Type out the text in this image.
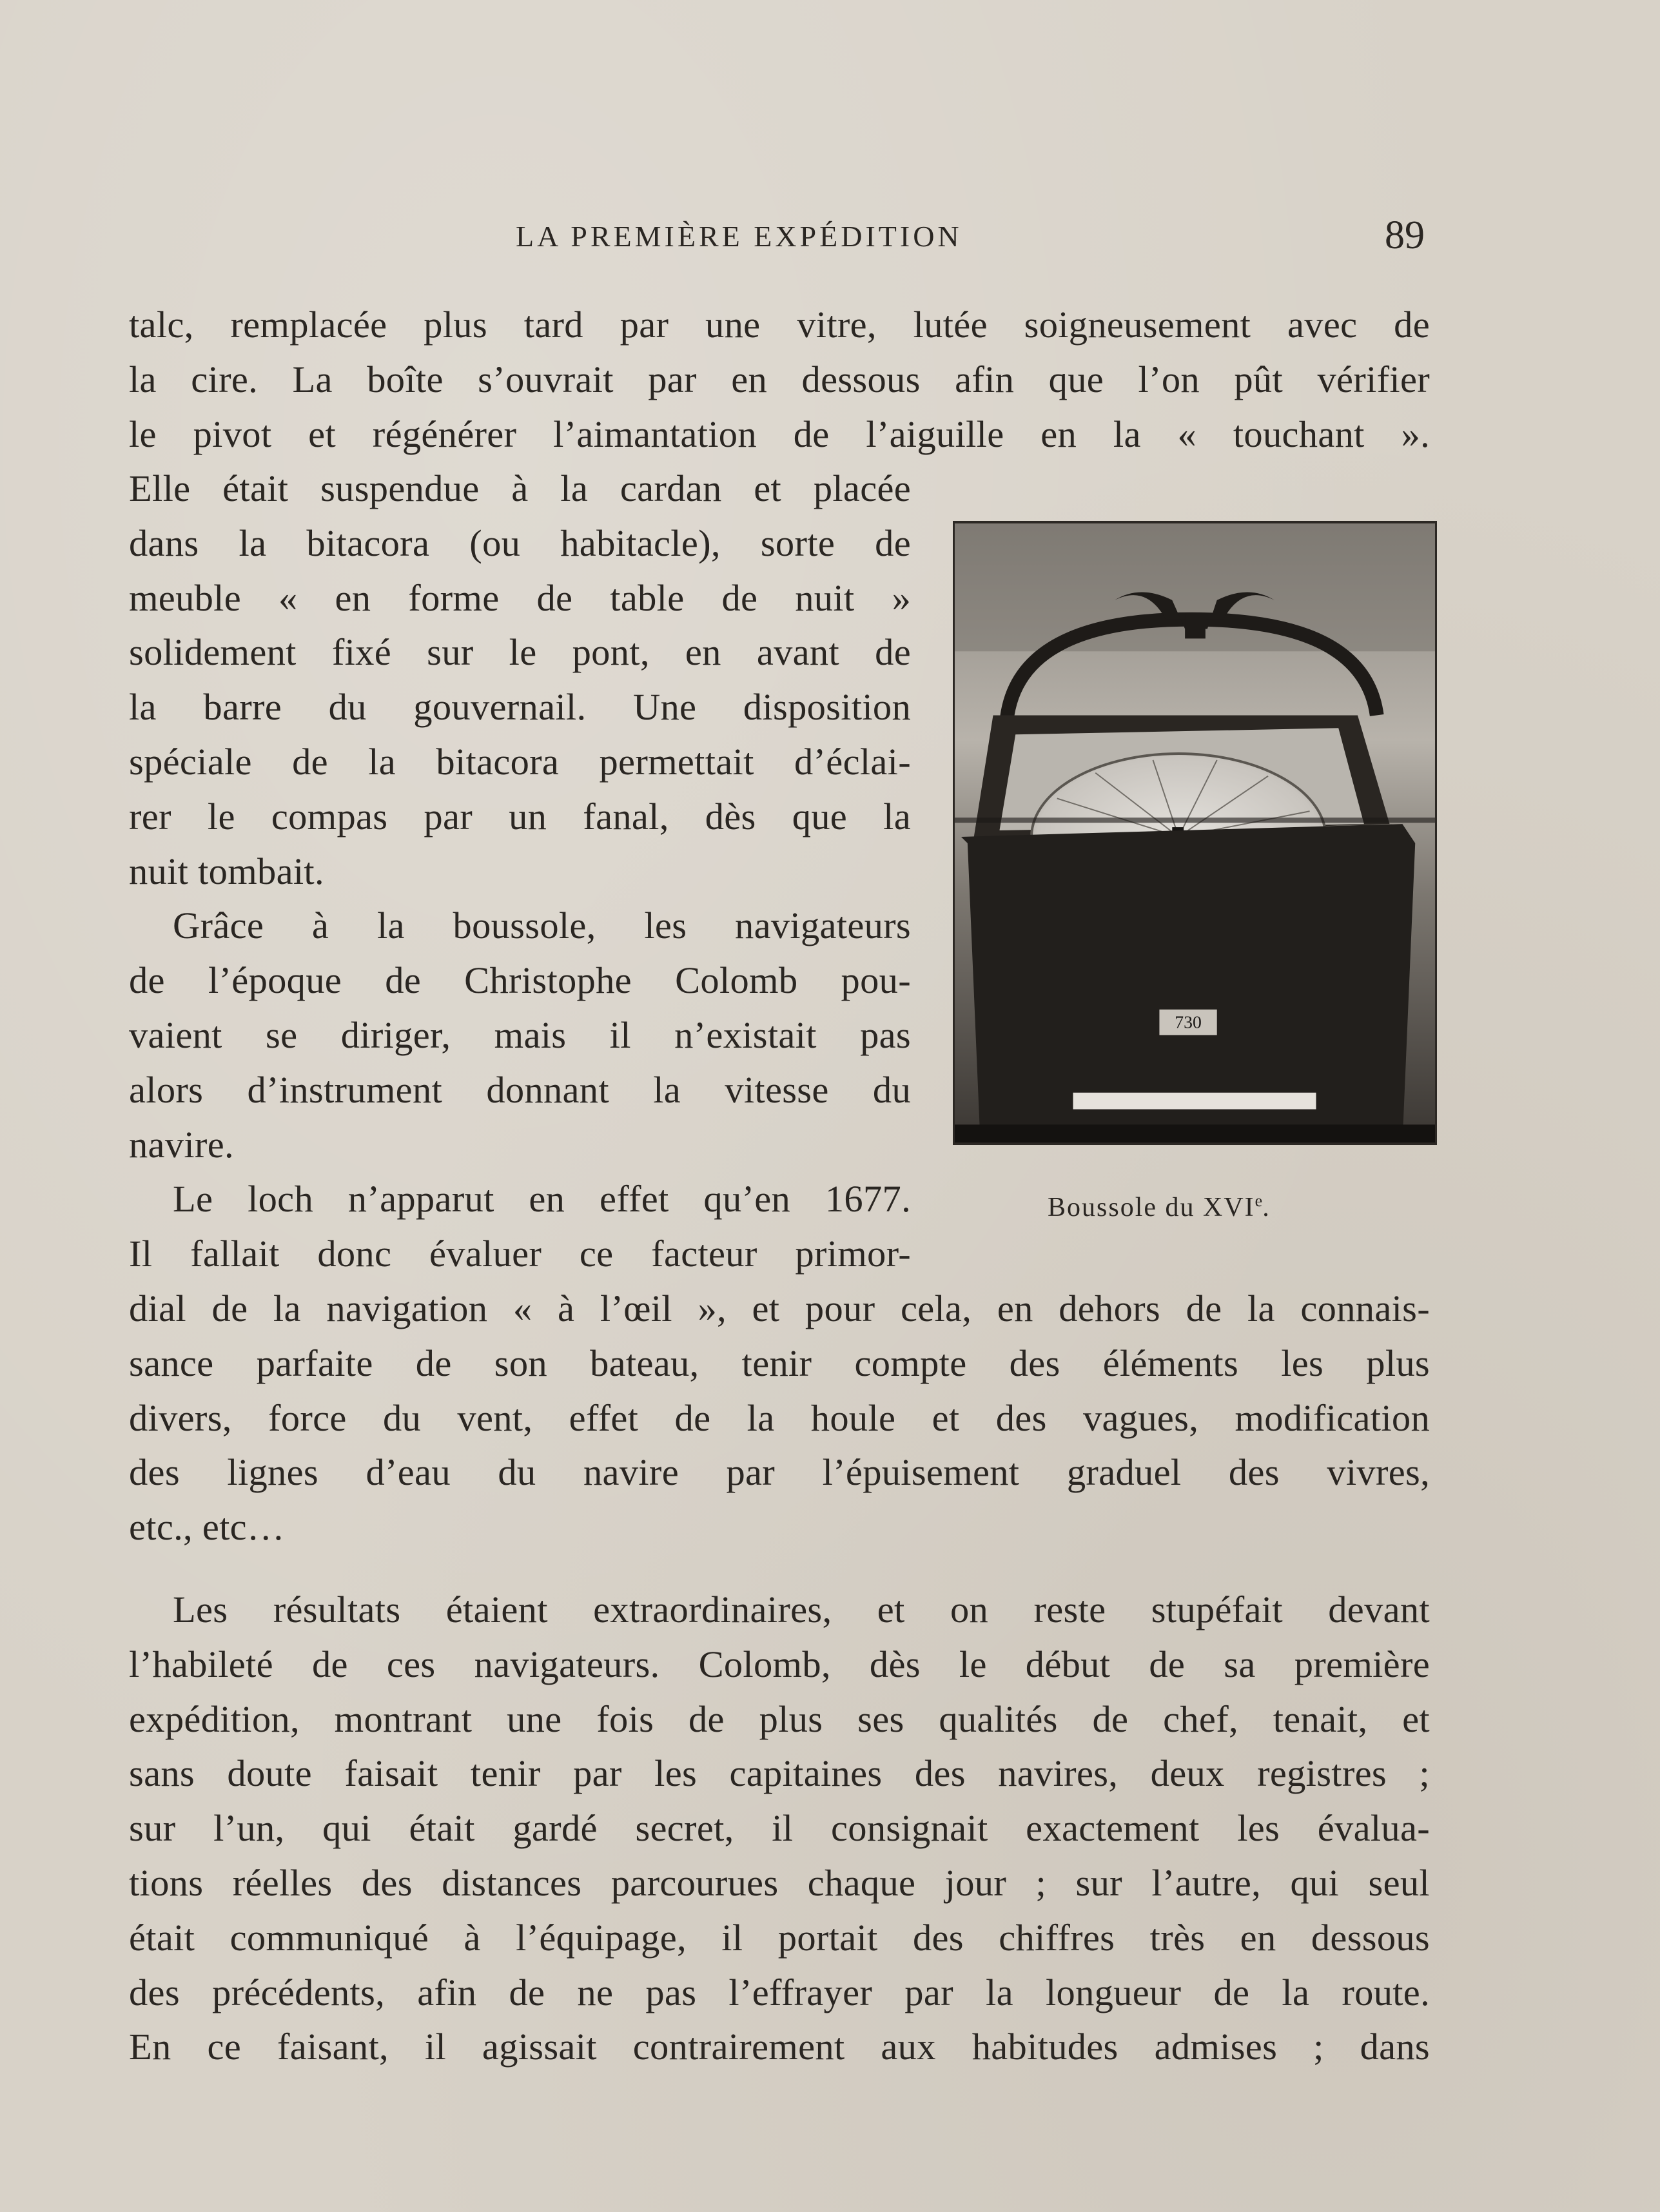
LA PREMIÈRE EXPÉDITION	89
talc, remplacée plus tard par une vitre, lutée soigneusement avec de
la cire. La boîte s’ouvrait par en dessous afin que l’on pût vérifier
le pivot et régénérer l’aimantation de l’aiguille en la « touchant ».
Elle était suspendue à la cardan et placée
dans la bitacora (ou habitacle), sorte de
meuble « en forme de table de nuit »
solidement fixé sur le pont, en avant de
la barre du gouvernail. Une disposition
spéciale de la bitacora permettait d’éclai-
rer le compas par un fanal, dès que la
nuit tombait.
Grâce à la boussole, les navigateurs
de l’époque de Christophe Colomb pou-
vaient se diriger, mais il n’existait pas
alors d’instrument donnant la vitesse du
navire.
Le loch n’apparut en effet qu’en 1677.
Il fallait donc évaluer ce facteur primor-
730
Boussole du XVIe.
dial de la navigation « à l’œil », et pour cela, en dehors de la connais-
sance parfaite de son bateau, tenir compte des éléments les plus
divers, force du vent, effet de la houle et des vagues, modification
des lignes d’eau du navire par l’épuisement graduel des vivres,
etc., etc…
Les résultats étaient extraordinaires, et on reste stupéfait devant
l’habileté de ces navigateurs. Colomb, dès le début de sa première
expédition, montrant une fois de plus ses qualités de chef, tenait, et
sans doute faisait tenir par les capitaines des navires, deux registres ;
sur l’un, qui était gardé secret, il consignait exactement les évalua-
tions réelles des distances parcourues chaque jour ; sur l’autre, qui seul
était communiqué à l’équipage, il portait des chiffres très en dessous
des précédents, afin de ne pas l’effrayer par la longueur de la route.
En ce faisant, il agissait contrairement aux habitudes admises ; dans
